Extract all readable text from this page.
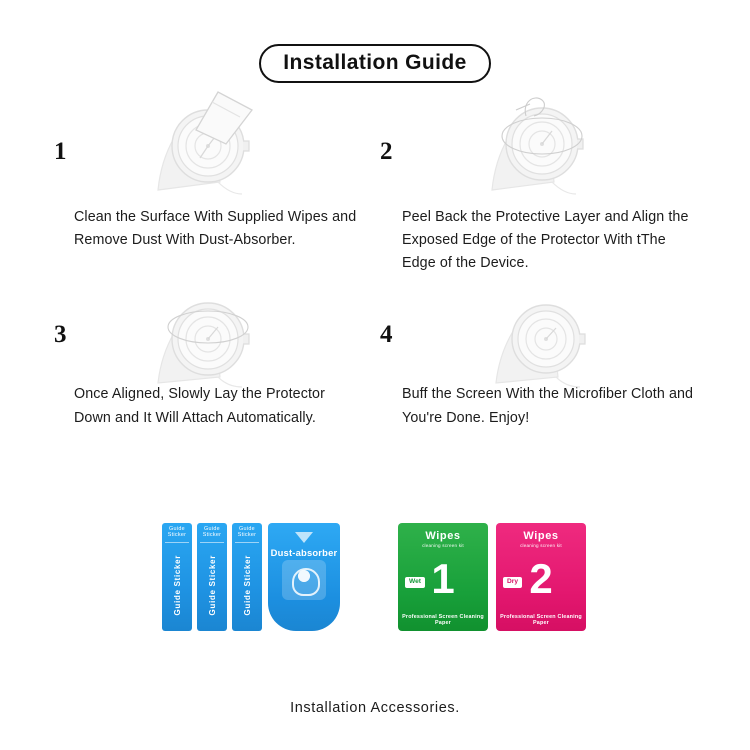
Installation Guide
1
Clean the Surface With Supplied Wipes and Remove Dust With Dust-Absorber.
2
Peel Back the Protective Layer and Align the Exposed Edge of the Protector With tThe Edge of the Device.
3
Once Aligned, Slowly Lay the Protector Down and It Will Attach Automatically.
4
Buff the Screen With the Microfiber Cloth and You're Done. Enjoy!
Guide Sticker
Guide Sticker
Guide Sticker
Guide Sticker
Guide Sticker
Guide Sticker
Dust-absorber
Wipes
cleaning screen kit
1
Wet
Professional Screen Cleaning Paper
Wipes
cleaning screen kit
2
Dry
Professional Screen Cleaning Paper
Installation Accessories.
